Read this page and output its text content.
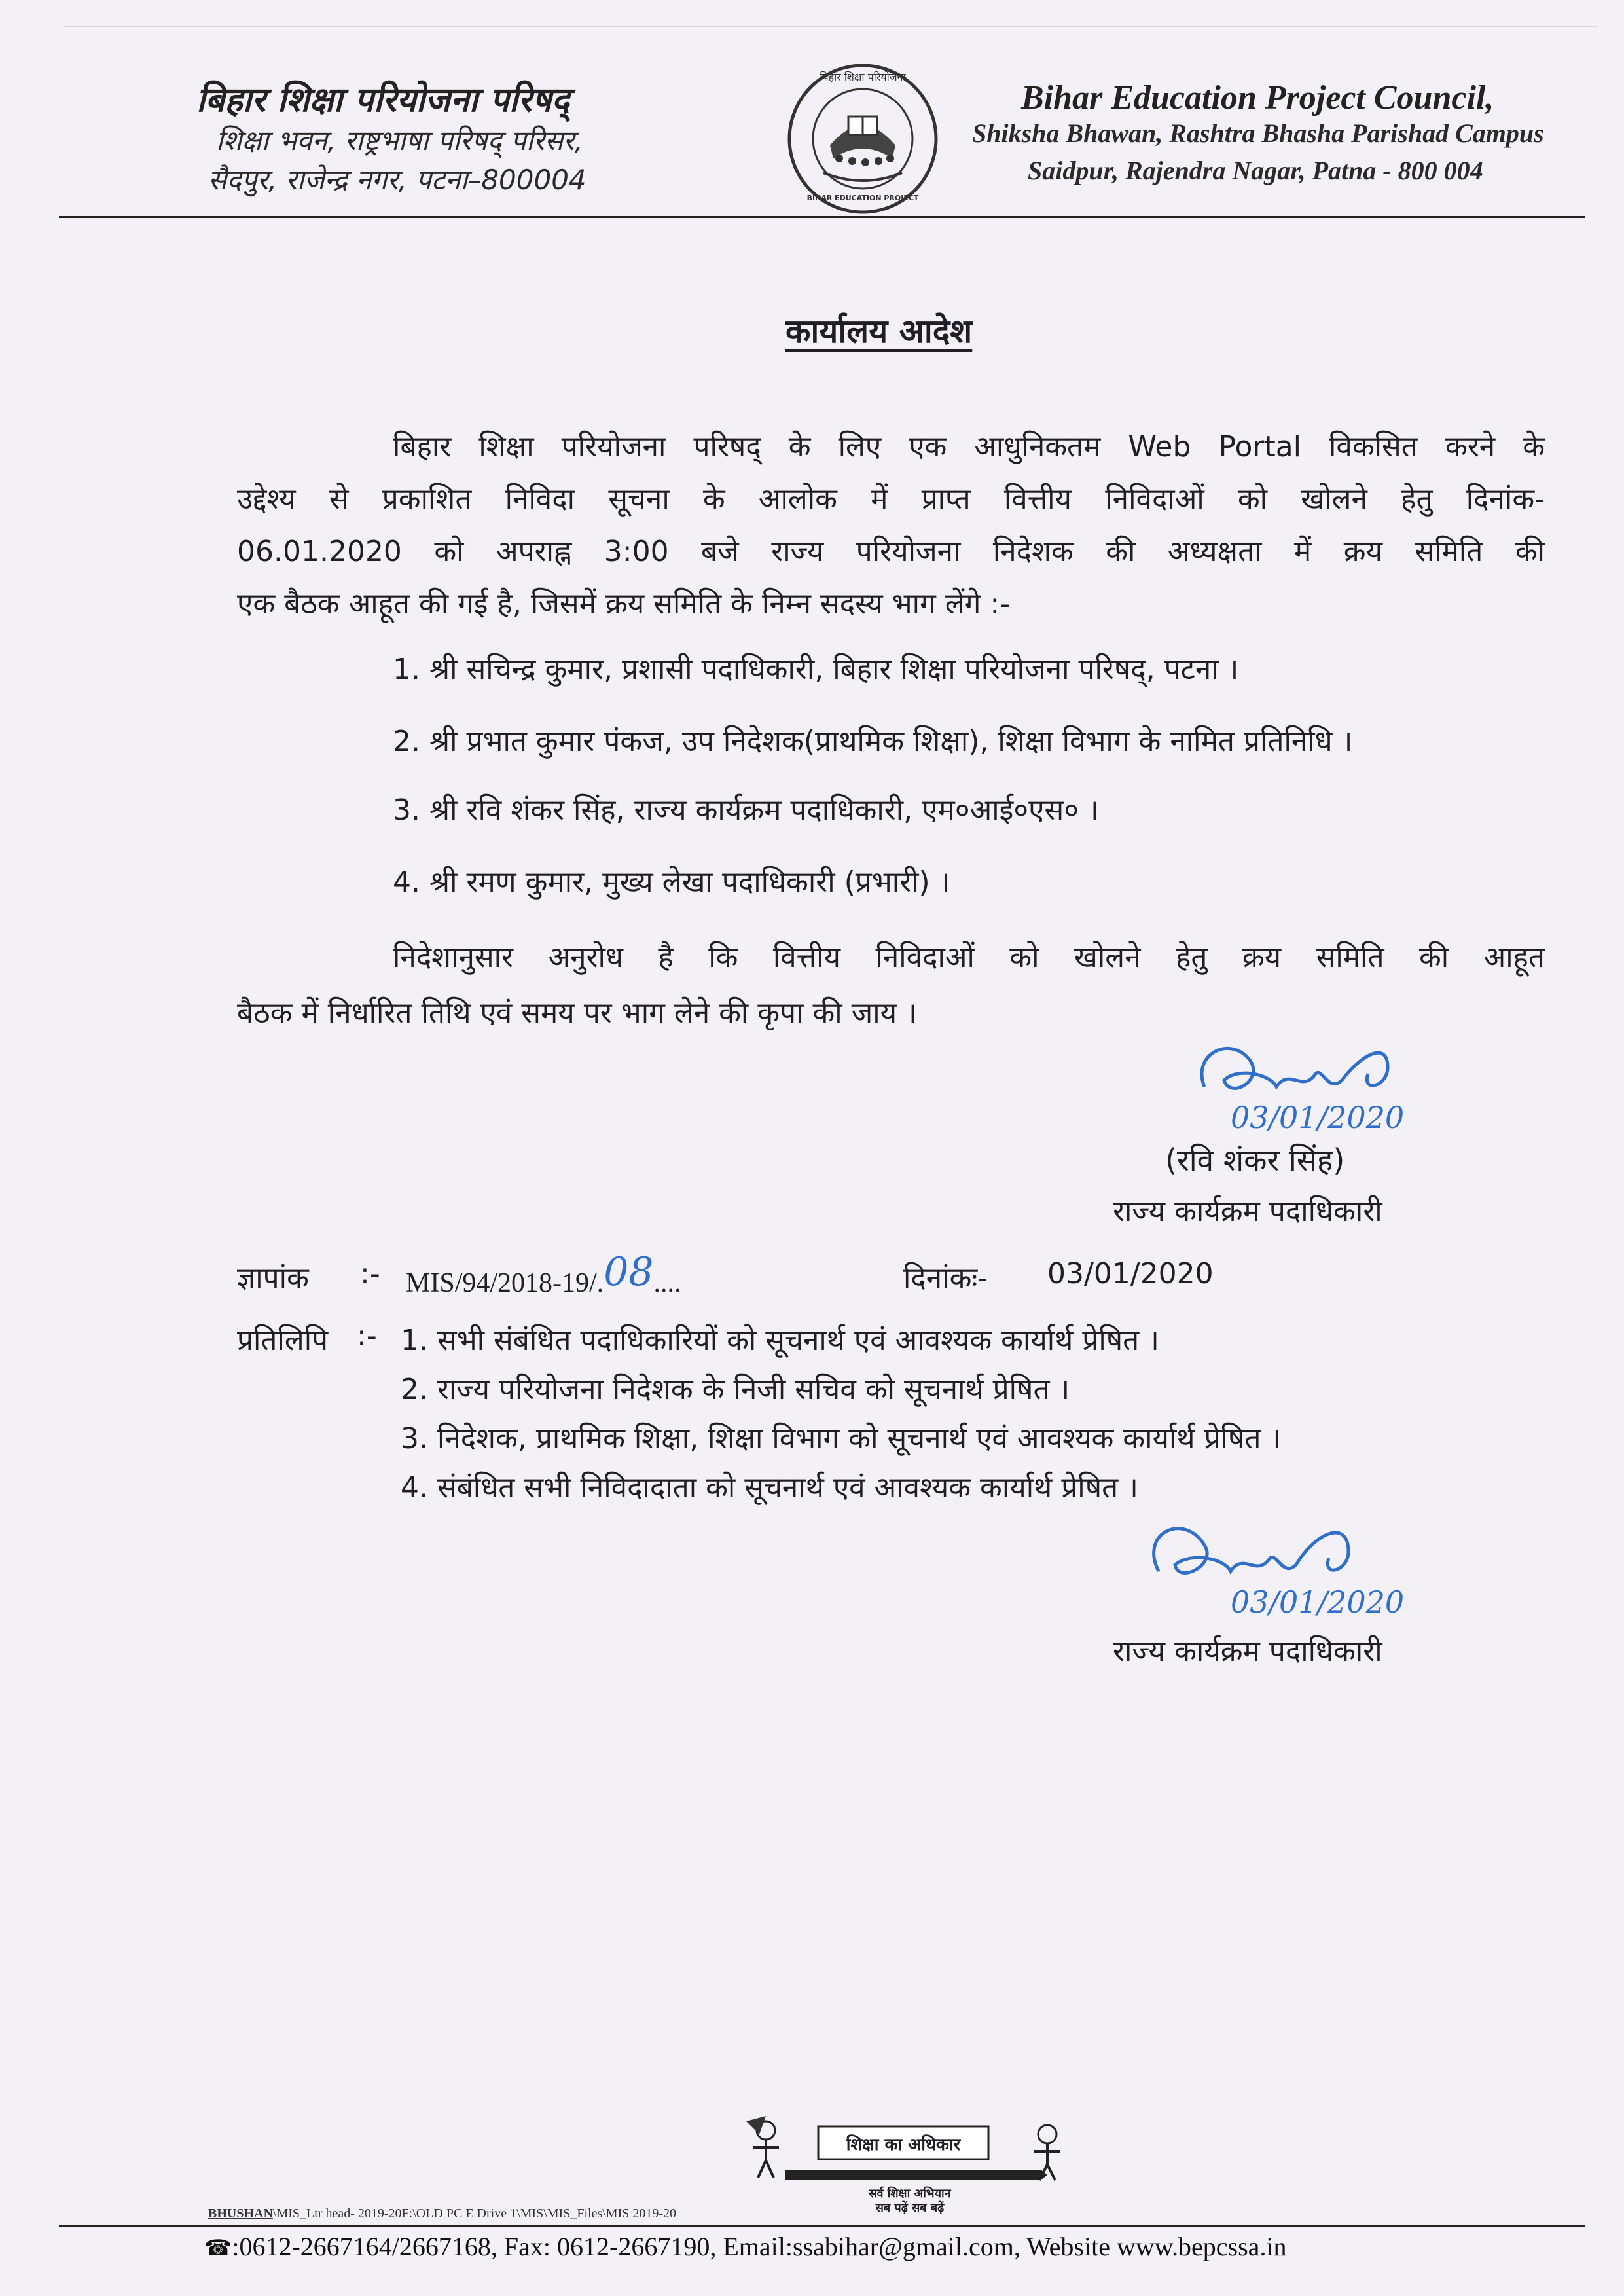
बिहार शिक्षा परियोजना परिषद्
शिक्षा भवन, राष्ट्रभाषा परिषद् परिसर,
सैदपुर, राजेन्द्र नगर, पटना–800004
बिहार शिक्षा परियोजना
BIHAR EDUCATION PROJECT
Bihar Education Project Council,
Shiksha Bhawan, Rashtra Bhasha Parishad Campus
Saidpur, Rajendra Nagar, Patna - 800 004
कार्यालय आदेश
बिहार शिक्षा परियोजना परिषद् के लिए एक आधुनिकतम Web Portal विकसित करने के
उद्देश्य से प्रकाशित निविदा सूचना के आलोक में प्राप्त वित्तीय निविदाओं को खोलने हेतु दिनांक-
06.01.2020 को अपराह्न 3:00 बजे राज्य परियोजना निदेशक की अध्यक्षता में क्रय समिति की
एक बैठक आहूत की गई है, जिसमें क्रय समिति के निम्न सदस्य भाग लेंगे :-
1. श्री सचिन्द्र कुमार, प्रशासी पदाधिकारी, बिहार शिक्षा परियोजना परिषद्, पटना ।
2. श्री प्रभात कुमार पंकज, उप निदेशक(प्राथमिक शिक्षा), शिक्षा विभाग के नामित प्रतिनिधि ।
3. श्री रवि शंकर सिंह, राज्य कार्यक्रम पदाधिकारी, एम०आई०एस० ।
4. श्री रमण कुमार, मुख्य लेखा पदाधिकारी (प्रभारी) ।
निदेशानुसार अनुरोध है कि वित्तीय निविदाओं को खोलने हेतु क्रय समिति की आहूत
बैठक में निर्धारित तिथि एवं समय पर भाग लेने की कृपा की जाय ।
03/01/2020
(रवि शंकर सिंह)
राज्य कार्यक्रम पदाधिकारी
ज्ञापांक :- MIS/94/2018-19/.08....	दिनांकः- 03/01/2020
प्रतिलिपि :- 1. सभी संबंधित पदाधिकारियों को सूचनार्थ एवं आवश्यक कार्यार्थ प्रेषित ।
2. राज्य परियोजना निदेशक के निजी सचिव को सूचनार्थ प्रेषित ।
3. निदेशक, प्राथमिक शिक्षा, शिक्षा विभाग को सूचनार्थ एवं आवश्यक कार्यार्थ प्रेषित ।
4. संबंधित सभी निविदादाता को सूचनार्थ एवं आवश्यक कार्यार्थ प्रेषित ।
03/01/2020
राज्य कार्यक्रम पदाधिकारी
शिक्षा का अधिकार
सर्व शिक्षा अभियान
सब पढ़ें सब बढ़ें
BHUSHAN\MIS_Ltr head- 2019-20F:\OLD PC E Drive 1\MIS\MIS_Files\MIS 2019-20
☎:0612-2667164/2667168, Fax: 0612-2667190, Email:ssabihar@gmail.com, Website www.bepcssa.in
